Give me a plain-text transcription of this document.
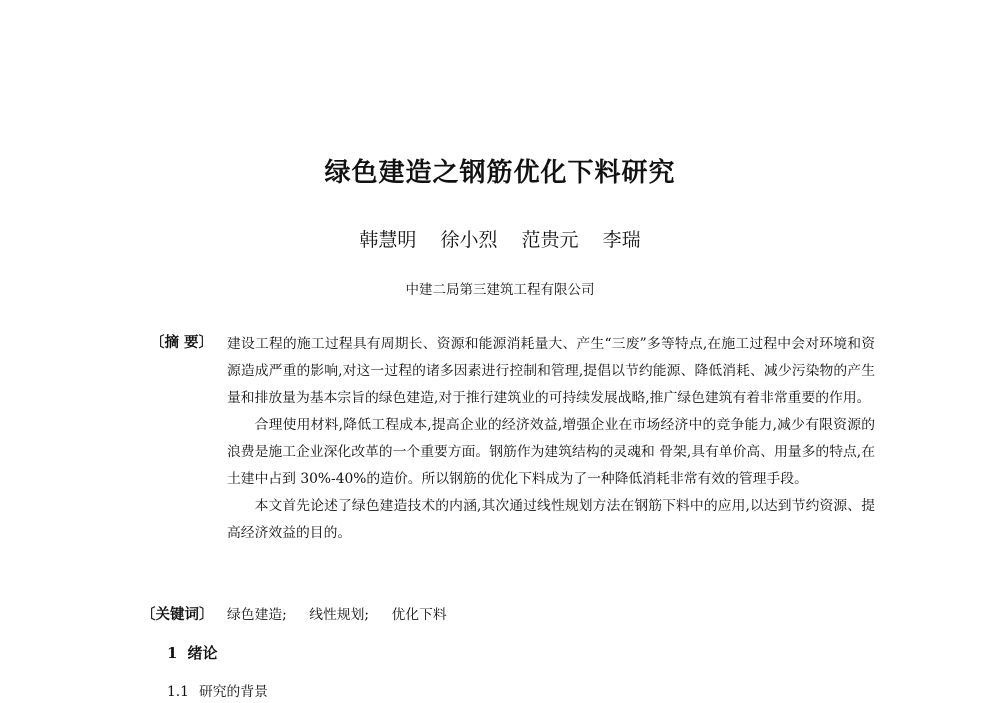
绿色建造之钢筋优化下料研究
韩慧明 徐小烈 范贵元 李瑞
中建二局第三建筑工程有限公司
〔摘 要〕 建设工程的施工过程具有周期长、资源和能源消耗量大、产生“三废”多等特点,在施工过程中会对环境和资源造成严重的影响,对这一过程的诸多因素进行控制和管理,提倡以节约能源、降低消耗、减少污染物的产生量和排放量为基本宗旨的绿色建造,对于推行建筑业的可持续发展战略,推广绿色建筑有着非常重要的作用。

合理使用材料,降低工程成本,提高企业的经济效益,增强企业在市场经济中的竞争能力,减少有限资源的浪费是施工企业深化改革的一个重要方面。钢筋作为建筑结构的灵魂和 骨架,具有单价高、用量多的特点,在土建中占到 30%-40%的造价。所以钢筋的优化下料成为了一种降低消耗非常有效的管理手段。

本文首先论述了绿色建造技术的内涵,其次通过线性规划方法在钢筋下料中的应用,以达到节约资源、提高经济效益的目的。

〔关键词〕 绿色建造; 线性规划; 优化下料
1 绪论
1.1 研究的背景
